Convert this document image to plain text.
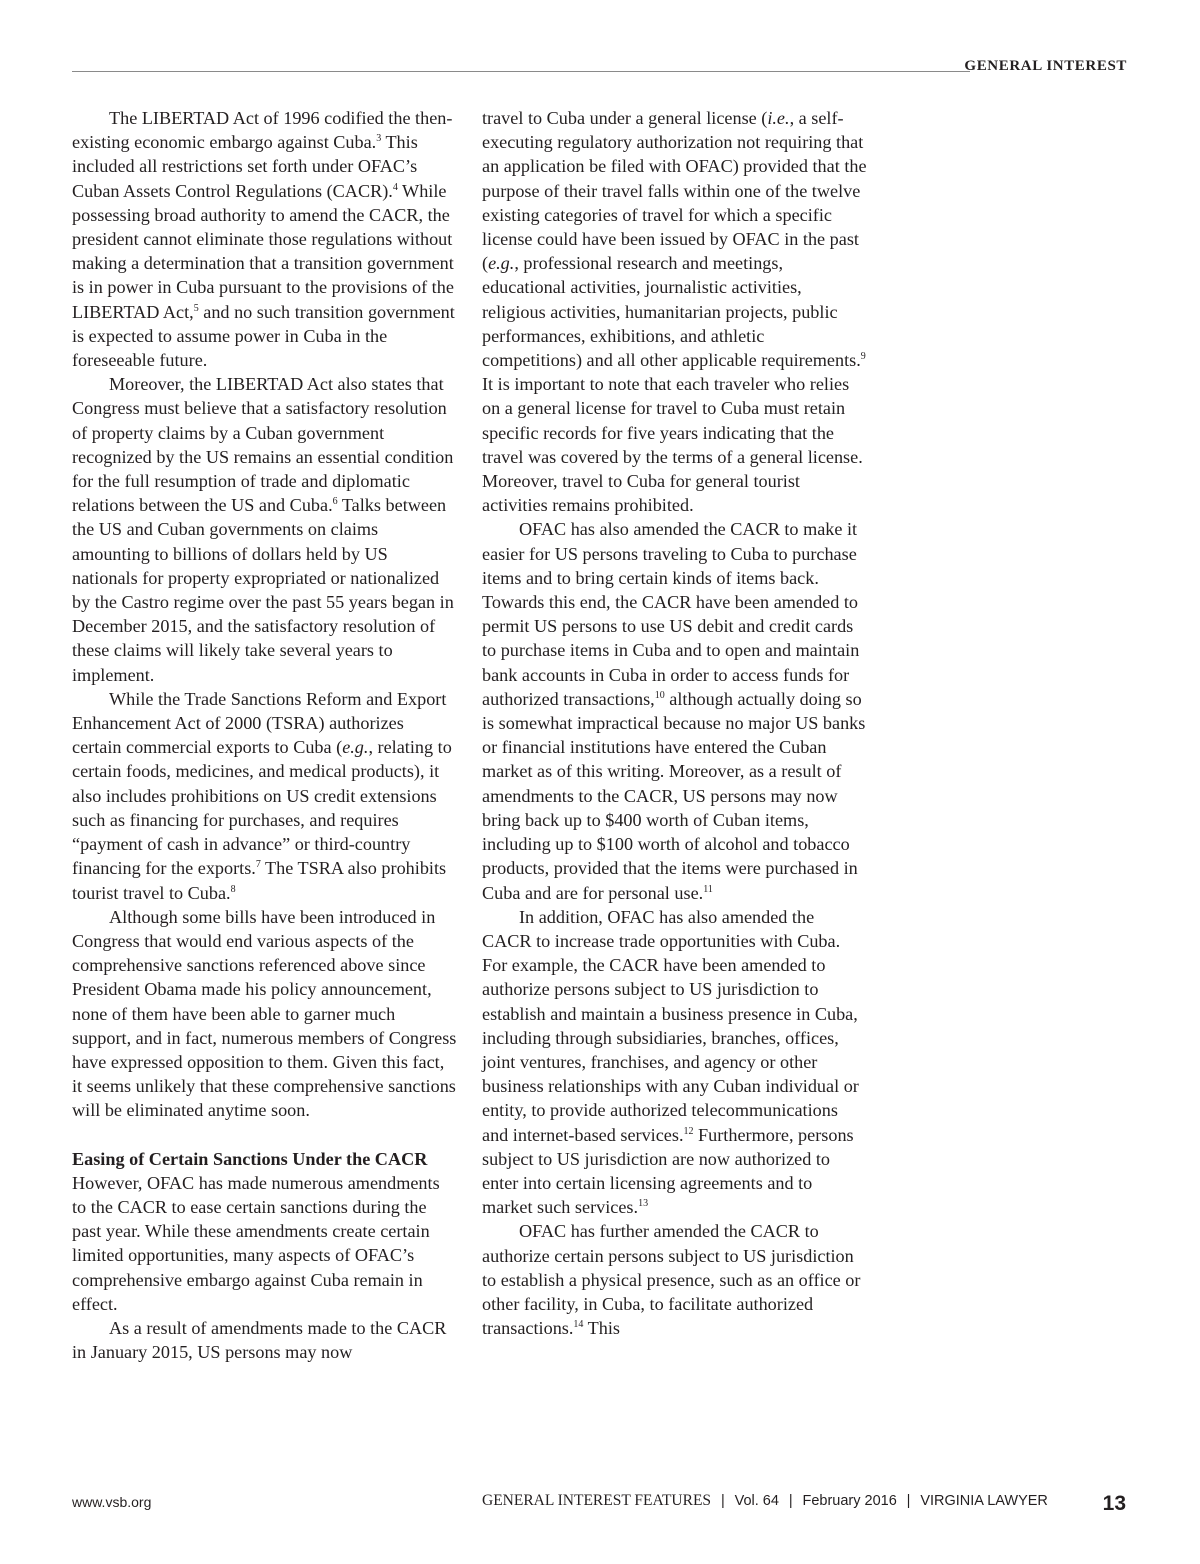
GENERAL INTEREST

The LIBERTAD Act of 1996 codified the then-existing economic embargo against Cuba.$^3$ This included all restrictions set forth under OFAC’s Cuban Assets Control Regulations (CACR).$^4$ While possessing broad authority to amend the CACR, the president cannot eliminate those regulations without making a determination that a transition government is in power in Cuba pursuant to the provisions of the LIBERTAD Act,$^5$ and no such transition government is expected to assume power in Cuba in the foreseeable future.

Moreover, the LIBERTAD Act also states that Congress must believe that a satisfactory resolution of property claims by a Cuban government recognized by the US remains an essential condition for the full resumption of trade and diplomatic relations between the US and Cuba.$^6$ Talks between the US and Cuban governments on claims amounting to billions of dollars held by US nationals for property expropriated or nationalized by the Castro regime over the past 55 years began in December 2015, and the satisfactory resolution of these claims will likely take several years to implement.

While the Trade Sanctions Reform and Export Enhancement Act of 2000 (TSRA) authorizes certain commercial exports to Cuba (e.g., relating to certain foods, medicines, and medical products), it also includes prohibitions on US credit extensions such as financing for purchases, and requires “payment of cash in advance” or third-country financing for the exports.$^7$ The TSRA also prohibits tourist travel to Cuba.$^8$

Although some bills have been introduced in Congress that would end various aspects of the comprehensive sanctions referenced above since President Obama made his policy announcement, none of them have been able to garner much support, and in fact, numerous members of Congress have expressed opposition to them. Given this fact, it seems unlikely that these comprehensive sanctions will be eliminated anytime soon.

Easing of Certain Sanctions Under the CACR

However, OFAC has made numerous amendments to the CACR to ease certain sanctions during the past year. While these amendments create certain limited opportunities, many aspects of OFAC’s comprehensive embargo against Cuba remain in effect.

As a result of amendments made to the CACR in January 2015, US persons may now

travel to Cuba under a general license (i.e., a self-executing regulatory authorization not requiring that an application be filed with OFAC) provided that the purpose of their travel falls within one of the twelve existing categories of travel for which a specific license could have been issued by OFAC in the past (e.g., professional research and meetings, educational activities, journalistic activities, religious activities, humanitarian projects, public performances, exhibitions, and athletic competitions) and all other applicable requirements.$^9$ It is important to note that each traveler who relies on a general license for travel to Cuba must retain specific records for five years indicating that the travel was covered by the terms of a general license. Moreover, travel to Cuba for general tourist activities remains prohibited.

OFAC has also amended the CACR to make it easier for US persons traveling to Cuba to purchase items and to bring certain kinds of items back. Towards this end, the CACR have been amended to permit US persons to use US debit and credit cards to purchase items in Cuba and to open and maintain bank accounts in Cuba in order to access funds for authorized transactions,$^{10}$ although actually doing so is somewhat impractical because no major US banks or financial institutions have entered the Cuban market as of this writing. Moreover, as a result of amendments to the CACR, US persons may now bring back up to $400 worth of Cuban items, including up to $100 worth of alcohol and tobacco products, provided that the items were purchased in Cuba and are for personal use.$^{11}$

In addition, OFAC has also amended the CACR to increase trade opportunities with Cuba. For example, the CACR have been amended to authorize persons subject to US jurisdiction to establish and maintain a business presence in Cuba, including through subsidiaries, branches, offices, joint ventures, franchises, and agency or other business relationships with any Cuban individual or entity, to provide authorized telecommunications and internet-based services.$^{12}$ Furthermore, persons subject to US jurisdiction are now authorized to enter into certain licensing agreements and to market such services.$^{13}$

OFAC has further amended the CACR to authorize certain persons subject to US jurisdiction to establish a physical presence, such as an office or other facility, in Cuba, to facilitate authorized transactions.$^{14}$ This

www.vsb.org	GENERAL INTEREST FEATURES | Vol. 64 | February 2016 | VIRGINIA LAWYER	13
